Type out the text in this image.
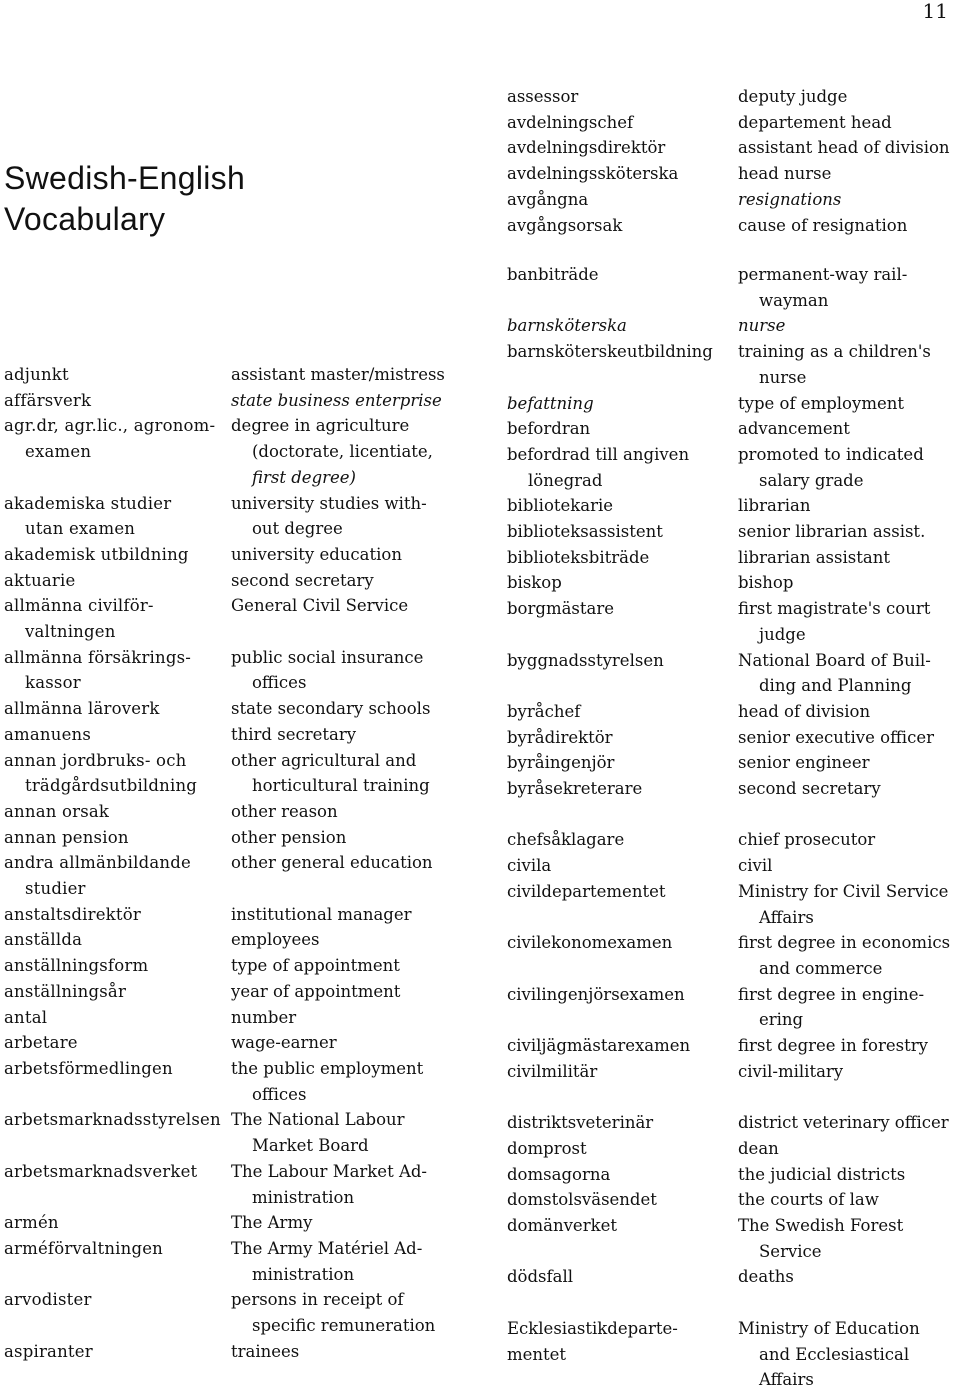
11
Swedish-English
Vocabulary
adjunkt
affärsverk
agr.dr, agr.lic., agronom-
examen

akademiska studier
utan examen
akademisk utbildning
aktuarie
allmänna civilför-
valtningen
allmänna försäkrings-
kassor
allmänna läroverk
amanuens
annan jordbruks- och
trädgårdsutbildning
annan orsak
annan pension
andra allmänbildande
studier
anstaltsdirektör
anställda
anställningsform
anställningsår
antal
arbetare
arbetsförmedlingen

arbetsmarknadsstyrelsen

arbetsmarknadsverket

armén
arméförvaltningen

arvodister

aspiranter
assistant master/mistress
state business enterprise
degree in agriculture
(doctorate, licentiate,
first degree)
university studies with-
out degree
university education
second secretary
General Civil Service

public social insurance
offices
state secondary schools
third secretary
other agricultural and
horticultural training
other reason
other pension
other general education

institutional manager
employees
type of appointment
year of appointment
number
wage-earner
the public employment
offices
The National Labour
Market Board
The Labour Market Ad-
ministration
The Army
The Army Matériel Ad-
ministration
persons in receipt of
specific remuneration
trainees
assessor
avdelningschef
avdelningsdirektör
avdelningssköterska
avgångna
avgångsorsak
deputy judge
departement head
assistant head of division
head nurse
resignations
cause of resignation
banbiträde

barnsköterska
barnsköterskeutbildning

befattning
befordran
befordrad till angiven
lönegrad
bibliotekarie
biblioteksassistent
biblioteksbiträde
biskop
borgmästare

byggnadsstyrelsen

byråchef
byrådirektör
byråingenjör
byråsekreterare

chefsåklagare
civila
civildepartementet

civilekonomexamen

civilingenjörsexamen

civiljägmästarexamen
civilmilitär

distriktsveterinär
domprost
domsagorna
domstolsväsendet
domänverket

dödsfall

Ecklesiastikdeparte-
mentet
permanent-way rail-
wayman
nurse
training as a children's
nurse
type of employment
advancement
promoted to indicated
salary grade
librarian
senior librarian assist.
librarian assistant
bishop
first magistrate's court
judge
National Board of Buil-
ding and Planning
head of division
senior executive officer
senior engineer
second secretary

chief prosecutor
civil
Ministry for Civil Service
Affairs
first degree in economics
and commerce
first degree in engine-
ering
first degree in forestry
civil-military

district veterinary officer
dean
the judicial districts
the courts of law
The Swedish Forest
Service
deaths

Ministry of Education
and Ecclesiastical
Affairs
